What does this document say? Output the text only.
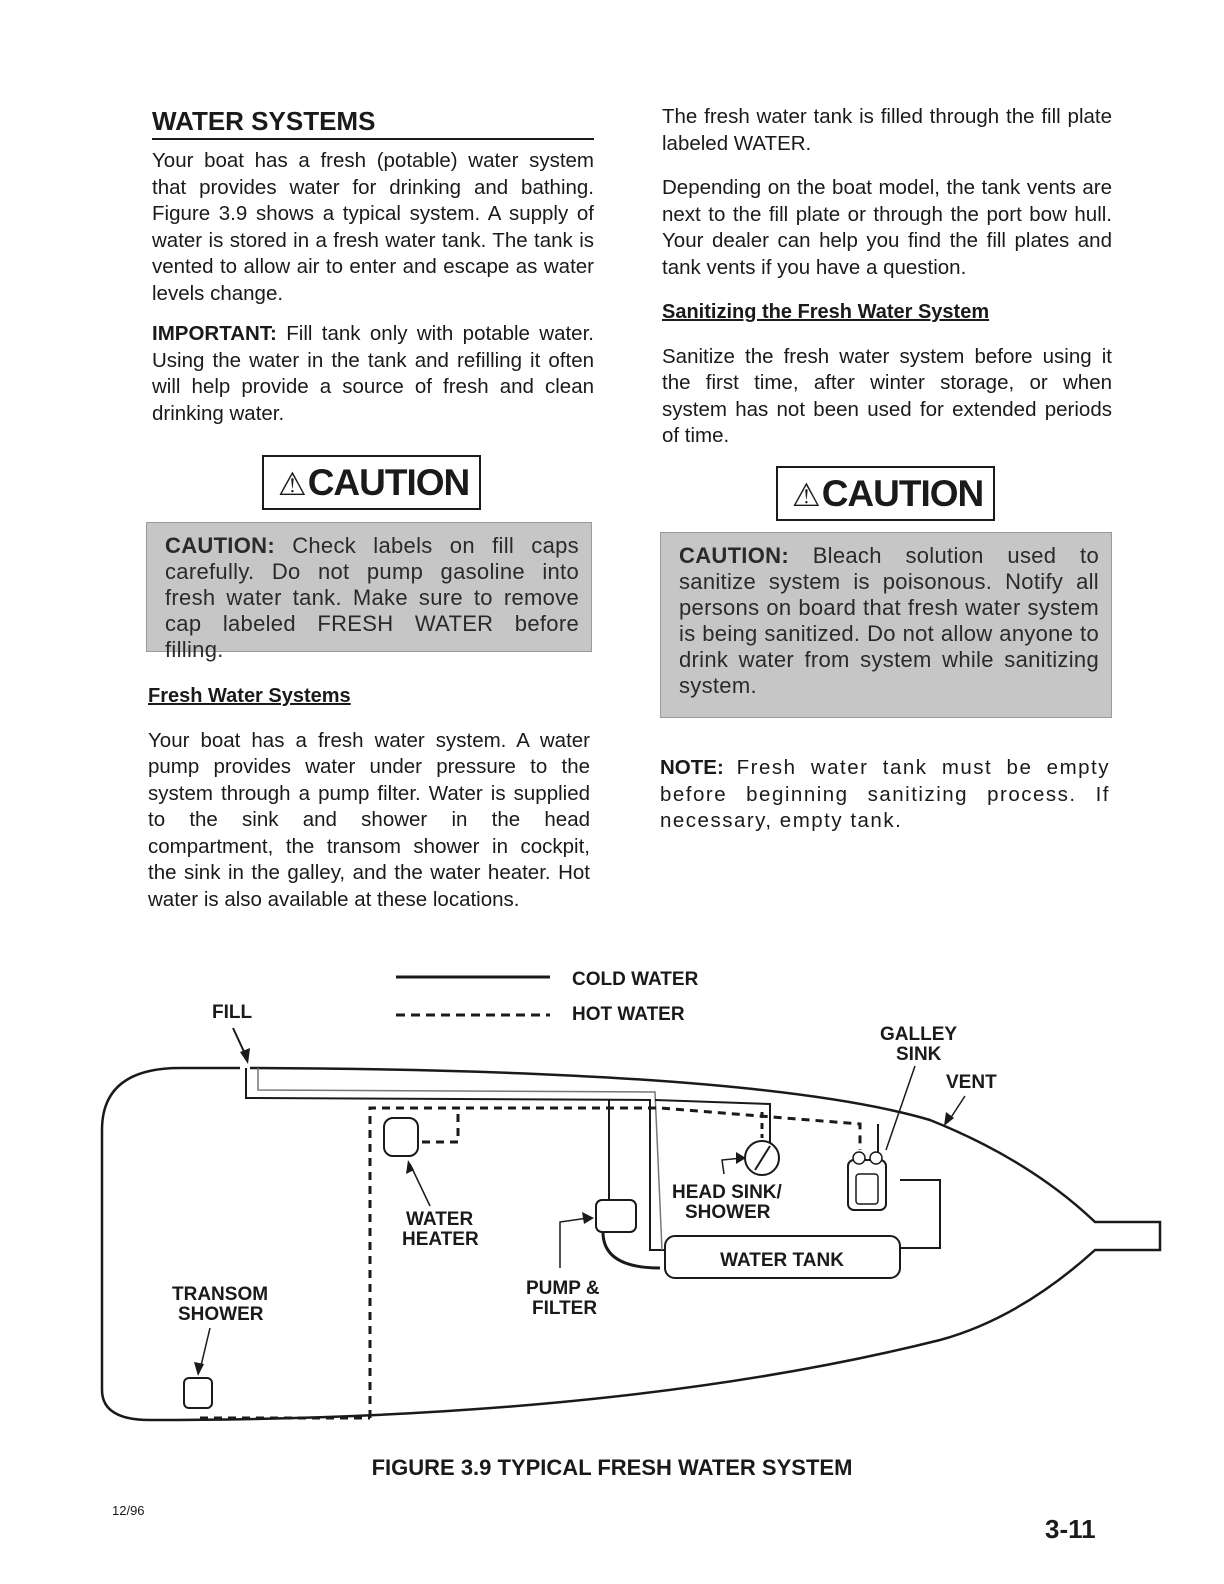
WATER SYSTEMS

Your boat has a fresh (potable) water system that provides water for drinking and bathing. Figure 3.9 shows a typical system. A supply of water is stored in a fresh water tank. The tank is vented to allow air to enter and escape as water levels change.

IMPORTANT: Fill tank only with potable water. Using the water in the tank and refilling it often will help provide a source of fresh and clean drinking water.

⚠CAUTION
CAUTION: Check labels on fill caps carefully. Do not pump gasoline into fresh water tank. Make sure to remove cap labeled FRESH WATER before filling.
Fresh Water Systems

Your boat has a fresh water system. A water pump provides water under pressure to the system through a pump filter. Water is supplied to the sink and shower in the head compartment, the transom shower in cockpit, the sink in the galley, and the water heater. Hot water is also available at these locations.

The fresh water tank is filled through the fill plate labeled WATER.

Depending on the boat model, the tank vents are next to the fill plate or through the port bow hull. Your dealer can help you find the fill plates and tank vents if you have a question.

Sanitizing the Fresh Water System

Sanitize the fresh water system before using it the first time, after winter storage, or when system has not been used for extended periods of time.

⚠CAUTION
CAUTION: Bleach solution used to sanitize system is poisonous. Notify all persons on board that fresh water system is being sanitized. Do not allow anyone to drink water from system while sanitizing system.

NOTE: Fresh water tank must be empty before beginning sanitizing process. If necessary, empty tank.

COLD WATER
HOT WATER
WATER TANK
FILL
GALLEY
SINK
VENT
WATER
HEATER
HEAD SINK/
SHOWER
PUMP &
FILTER
TRANSOM
SHOWER
FIGURE 3.9 TYPICAL FRESH WATER SYSTEM
12/96
3-11
